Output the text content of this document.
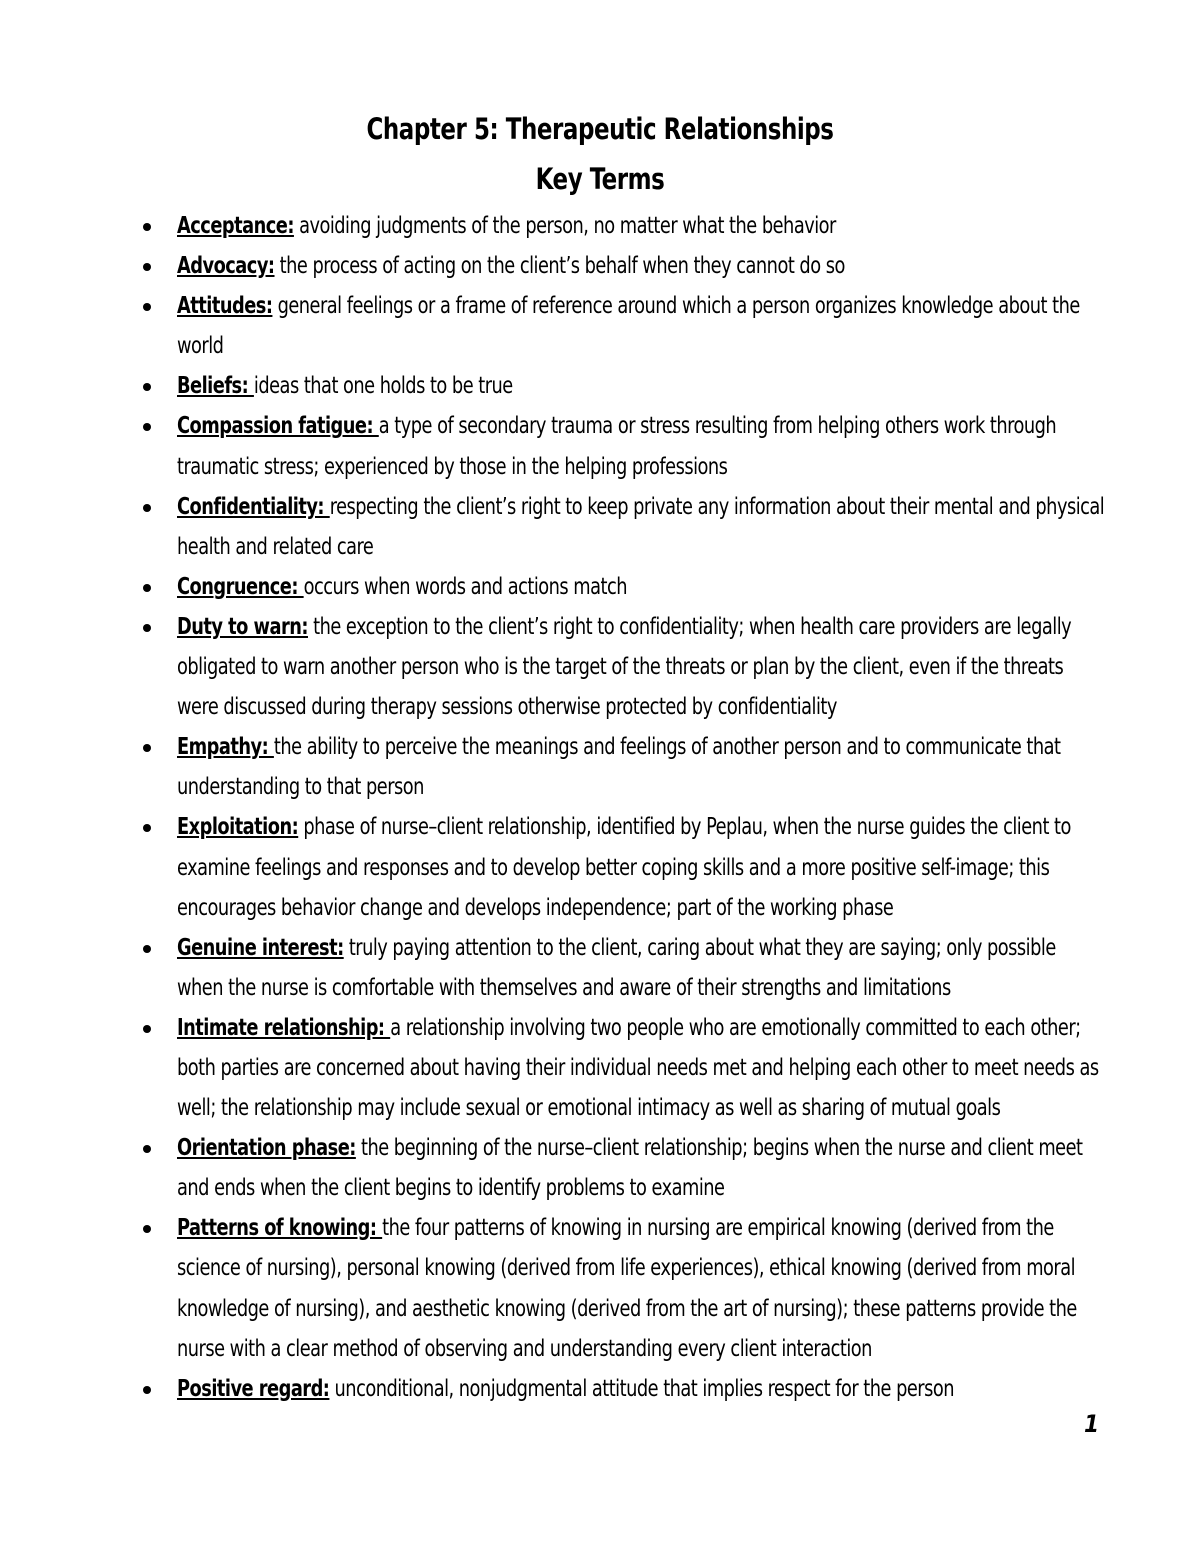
Chapter 5: Therapeutic Relationships
Key Terms
Acceptance: avoiding judgments of the person, no matter what the behavior
Advocacy: the process of acting on the client’s behalf when they cannot do so
Attitudes: general feelings or a frame of reference around which a person organizes knowledge about the world
Beliefs: ideas that one holds to be true
Compassion fatigue: a type of secondary trauma or stress resulting from helping others work through traumatic stress; experienced by those in the helping professions
Confidentiality: respecting the client’s right to keep private any information about their mental and physical health and related care
Congruence: occurs when words and actions match
Duty to warn: the exception to the client’s right to confidentiality; when health care providers are legally obligated to warn another person who is the target of the threats or plan by the client, even if the threats were discussed during therapy sessions otherwise protected by confidentiality
Empathy: the ability to perceive the meanings and feelings of another person and to communicate that understanding to that person
Exploitation: phase of nurse–client relationship, identified by Peplau, when the nurse guides the client to examine feelings and responses and to develop better coping skills and a more positive self-image; this encourages behavior change and develops independence; part of the working phase
Genuine interest: truly paying attention to the client, caring about what they are saying; only possible when the nurse is comfortable with themselves and aware of their strengths and limitations
Intimate relationship: a relationship involving two people who are emotionally committed to each other; both parties are concerned about having their individual needs met and helping each other to meet needs as well; the relationship may include sexual or emotional intimacy as well as sharing of mutual goals
Orientation phase: the beginning of the nurse–client relationship; begins when the nurse and client meet and ends when the client begins to identify problems to examine
Patterns of knowing: the four patterns of knowing in nursing are empirical knowing (derived from the science of nursing), personal knowing (derived from life experiences), ethical knowing (derived from moral knowledge of nursing), and aesthetic knowing (derived from the art of nursing); these patterns provide the nurse with a clear method of observing and understanding every client interaction
Positive regard: unconditional, nonjudgmental attitude that implies respect for the person
1
